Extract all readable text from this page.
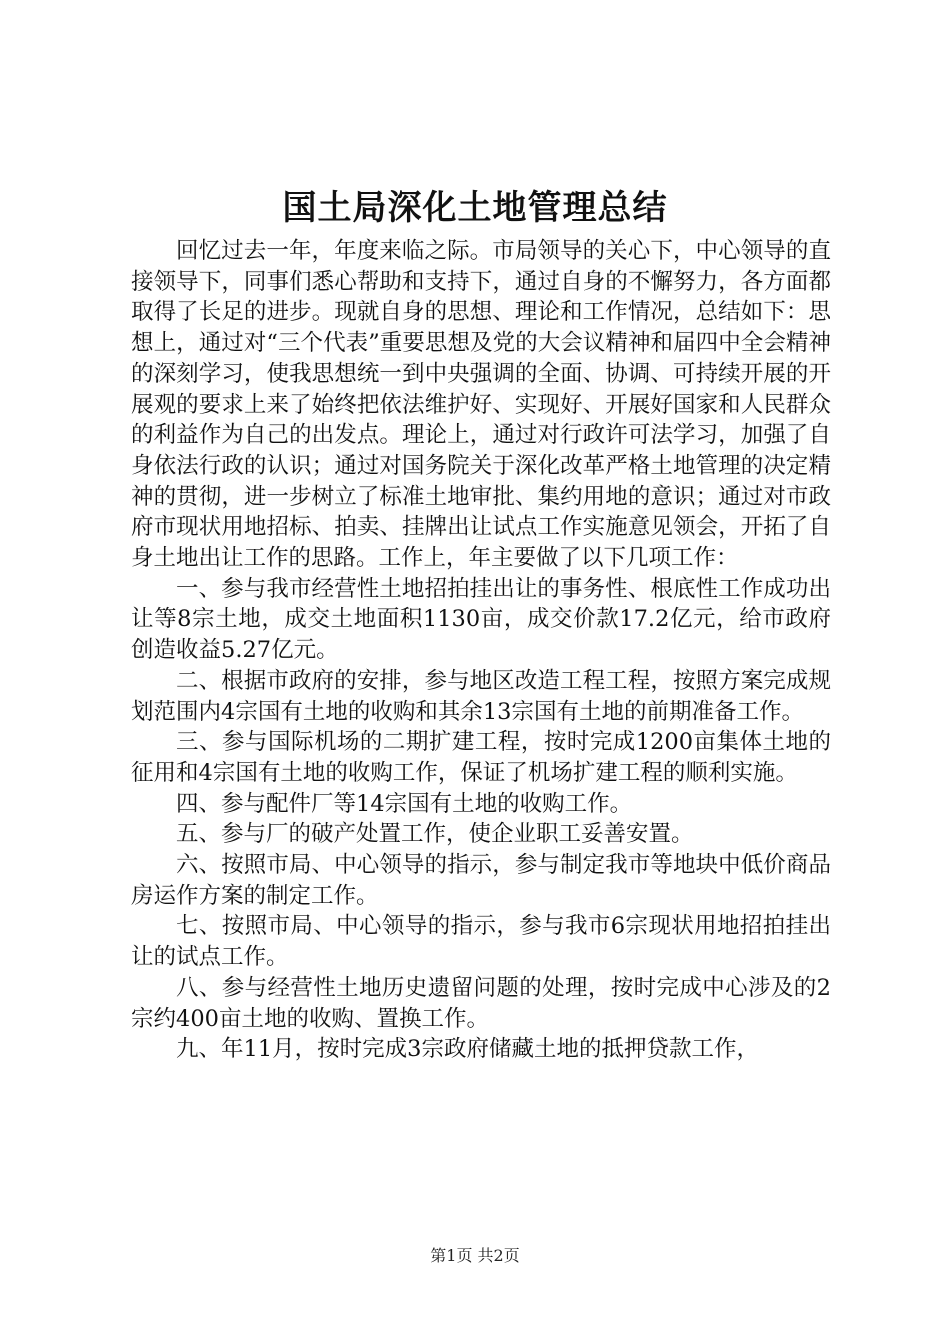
国土局深化土地管理总结

回忆过去一年，年度来临之际。市局领导的关心下，中心领导的直接领导下，同事们悉心帮助和支持下，通过自身的不懈努力，各方面都取得了长足的进步。现就自身的思想、理论和工作情况，总结如下：思想上，通过对“三个代表”重要思想及党的大会议精神和届四中全会精神的深刻学习，使我思想统一到中央强调的全面、协调、可持续开展的开展观的要求上来了始终把依法维护好、实现好、开展好国家和人民群众的利益作为自己的出发点。理论上，通过对行政许可法学习，加强了自身依法行政的认识；通过对国务院关于深化改革严格土地管理的决定精神的贯彻，进一步树立了标准土地审批、集约用地的意识；通过对市政府市现状用地招标、拍卖、挂牌出让试点工作实施意见领会，开拓了自身土地出让工作的思路。工作上，年主要做了以下几项工作：

一、参与我市经营性土地招拍挂出让的事务性、根底性工作成功出让等8宗土地，成交土地面积1130亩，成交价款17.2亿元，给市政府创造收益5.27亿元。

二、根据市政府的安排，参与地区改造工程工程，按照方案完成规划范围内4宗国有土地的收购和其余13宗国有土地的前期准备工作。

三、参与国际机场的二期扩建工程，按时完成1200亩集体土地的征用和4宗国有土地的收购工作，保证了机场扩建工程的顺利实施。

四、参与配件厂等14宗国有土地的收购工作。

五、参与厂的破产处置工作，使企业职工妥善安置。

六、按照市局、中心领导的指示，参与制定我市等地块中低价商品房运作方案的制定工作。

七、按照市局、中心领导的指示，参与我市6宗现状用地招拍挂出让的试点工作。

八、参与经营性土地历史遗留问题的处理，按时完成中心涉及的2宗约400亩土地的收购、置换工作。

九、年11月，按时完成3宗政府储藏土地的抵押贷款工作，

第1页 共2页
